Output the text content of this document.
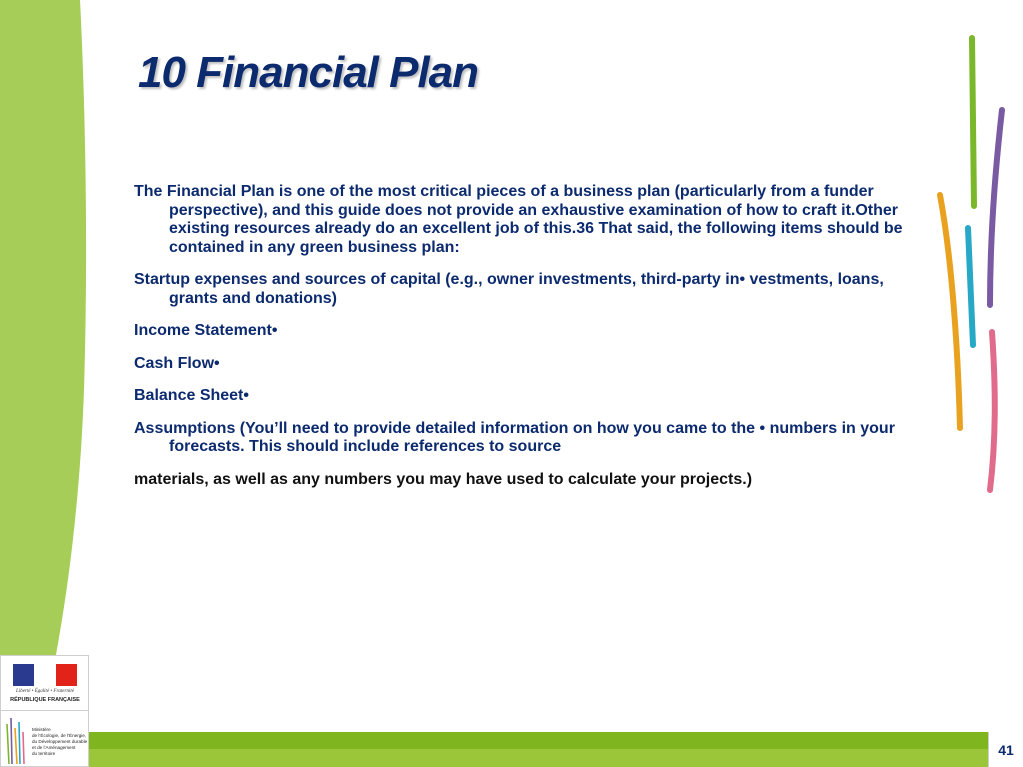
10 Financial Plan

The Financial Plan is one of the most critical pieces of a business plan (particularly from a funder perspective), and this guide does not provide an exhaustive examination of how to craft it.Other existing resources already do an excellent job of this.36 That said, the following items should be contained in any green business plan:

Startup expenses and sources of capital (e.g., owner investments, third-party in• vestments, loans, grants and donations)

Income Statement•

Cash Flow•

Balance Sheet•

Assumptions (You’ll need to provide detailed information on how you came to the • numbers in your forecasts. This should include references to source

materials, as well as any numbers you may have used to calculate your projects.)

Liberté • Égalité • Fraternité
RÉPUBLIQUE FRANÇAISE
Ministère
de l’Écologie, de l’Énergie,
du Développement durable
et de l’Aménagement
du territoire	41
